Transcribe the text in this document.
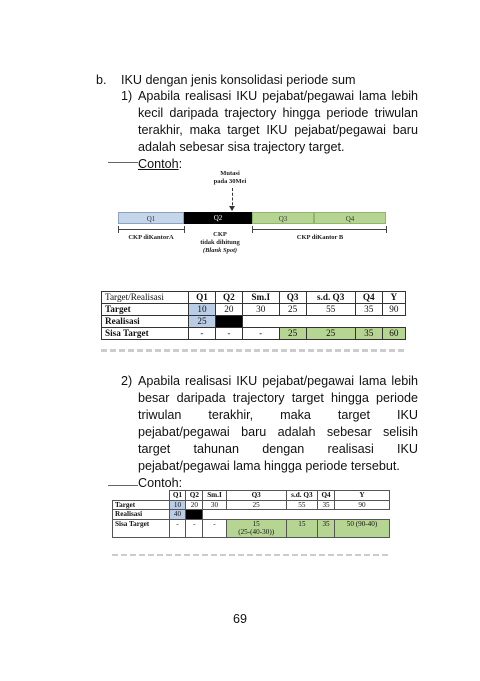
b. IKU dengan jenis konsolidasi periode sum
1) Apabila realisasi IKU pejabat/pegawai lama lebih
kecil daripada trajectory hingga periode triwulan
terakhir, maka target IKU pejabat/pegawai baru
adalah sebesar sisa trajectory target.
Contoh:
Mutasi
pada 30Mei
Q1	Q2	Q3	Q4
CKP diKantorA	CKP
tidak dihitung
(Blank Spot)
CKP diKantor B
Target/Realisasi	Q1	Q2	Sm.I	Q3	s.d. Q3	Q4	Y
Target	10	20	30	25	55	35	90
Realisasi	25						
Sisa Target	-	-	-	25	25	35	60
2) Apabila realisasi IKU pejabat/pegawai lama lebih
besar daripada trajectory target hingga periode
triwulan terakhir, maka target IKU
pejabat/pegawai baru adalah sebesar selisih
target tahunan dengan realisasi IKU
pejabat/pegawai lama hingga periode tersebut.
Contoh:
	Q1	Q2	Sm.I	Q3	s.d. Q3	Q4	Y
Target	10	20	30	25	55	35	90
Realisasi	40						
Sisa Target	-	-	-	15
(25-(40-30))	15	35	50 (90-40)
69
